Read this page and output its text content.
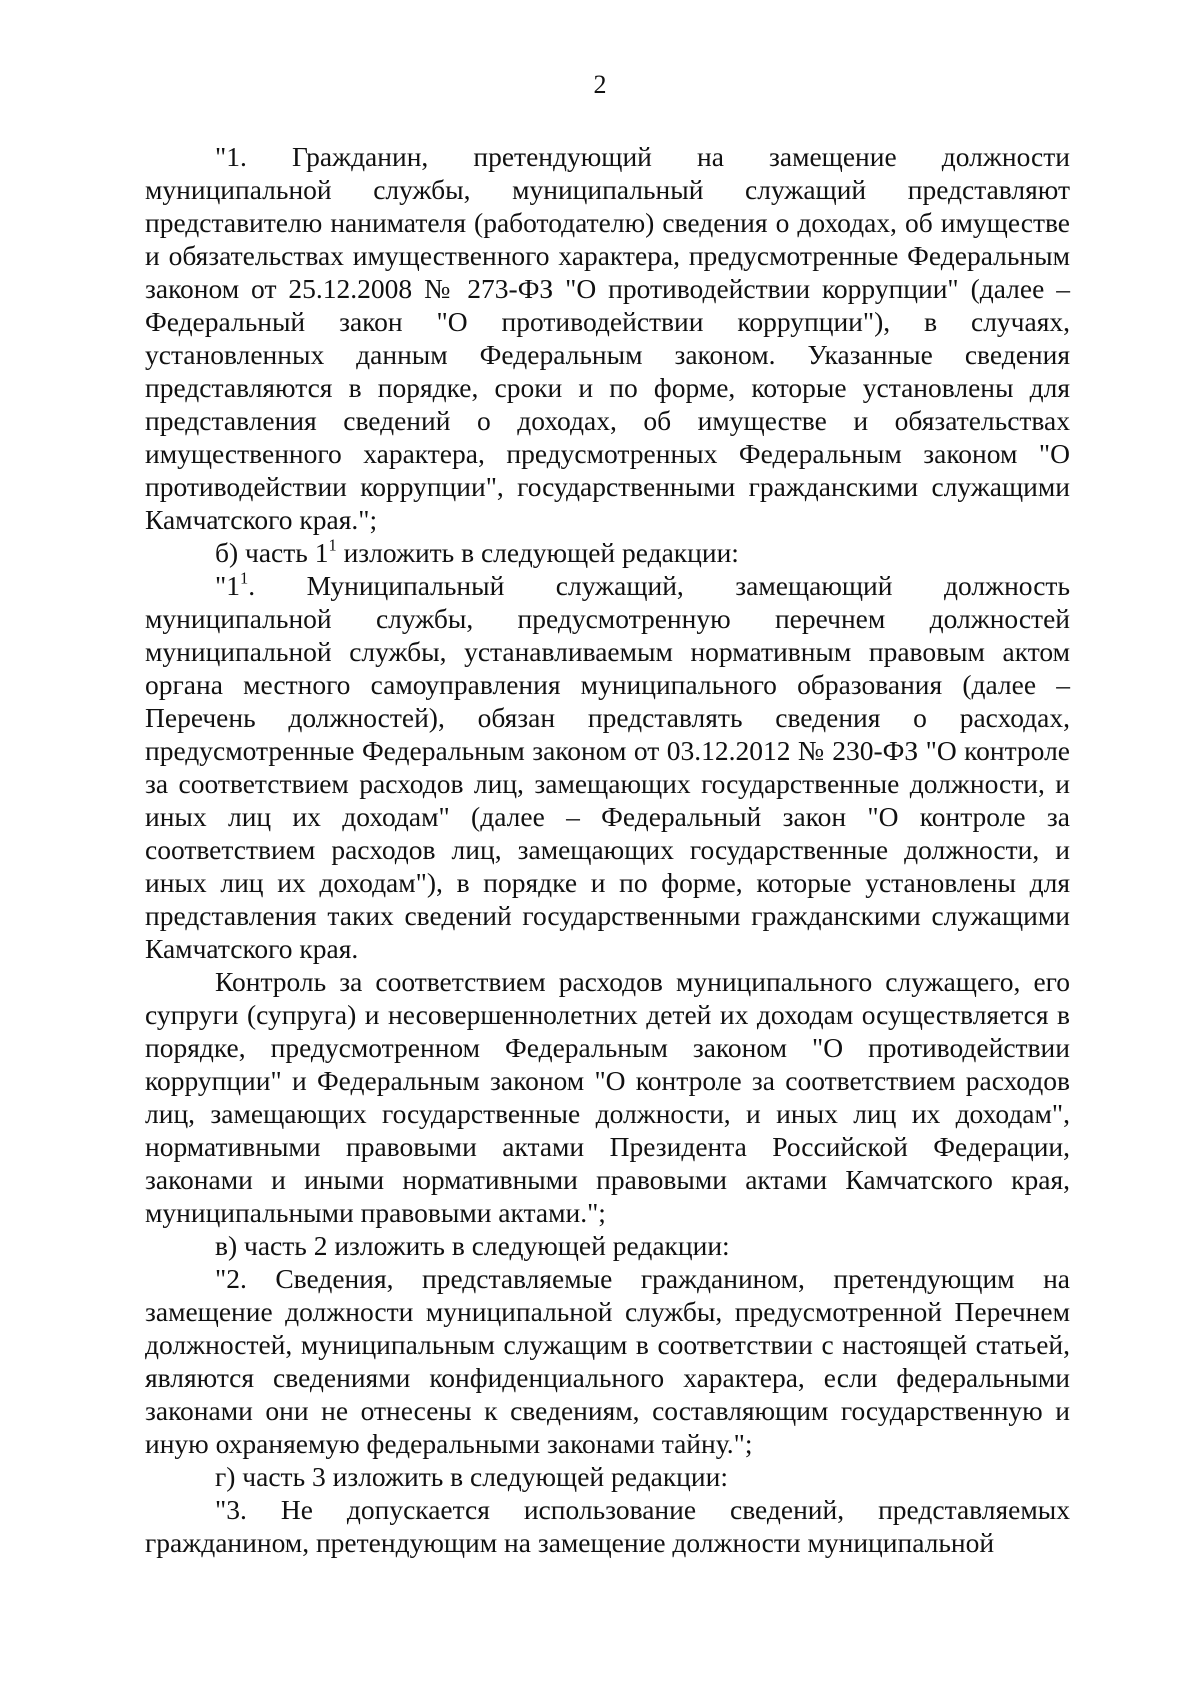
2

"1. Гражданин, претендующий на замещение должности муниципальной службы, муниципальный служащий представляют представителю нанимателя (работодателю) сведения о доходах, об имуществе и обязательствах имущественного характера, предусмотренные Федеральным законом от 25.12.2008 № 273-ФЗ "О противодействии коррупции" (далее – Федеральный закон "О противодействии коррупции"), в случаях, установленных данным Федеральным законом. Указанные сведения представляются в порядке, сроки и по форме, которые установлены для представления сведений о доходах, об имуществе и обязательствах имущественного характера, предусмотренных Федеральным законом "О противодействии коррупции", государственными гражданскими служащими Камчатского края.";

б) часть $1^1$ изложить в следующей редакции:

"$1^1$. Муниципальный служащий, замещающий должность муниципальной службы, предусмотренную перечнем должностей муниципальной службы, устанавливаемым нормативным правовым актом органа местного самоуправления муниципального образования (далее – Перечень должностей), обязан представлять сведения о расходах, предусмотренные Федеральным законом от 03.12.2012 № 230-ФЗ "О контроле за соответствием расходов лиц, замещающих государственные должности, и иных лиц их доходам" (далее – Федеральный закон "О контроле за соответствием расходов лиц, замещающих государственные должности, и иных лиц их доходам"), в порядке и по форме, которые установлены для представления таких сведений государственными гражданскими служащими Камчатского края.

Контроль за соответствием расходов муниципального служащего, его супруги (супруга) и несовершеннолетних детей их доходам осуществляется в порядке, предусмотренном Федеральным законом "О противодействии коррупции" и Федеральным законом "О контроле за соответствием расходов лиц, замещающих государственные должности, и иных лиц их доходам", нормативными правовыми актами Президента Российской Федерации, законами и иными нормативными правовыми актами Камчатского края, муниципальными правовыми актами.";

в) часть 2 изложить в следующей редакции:

"2. Сведения, представляемые гражданином, претендующим на замещение должности муниципальной службы, предусмотренной Перечнем должностей, муниципальным служащим в соответствии с настоящей статьей, являются сведениями конфиденциального характера, если федеральными законами они не отнесены к сведениям, составляющим государственную и иную охраняемую федеральными законами тайну.";

г) часть 3 изложить в следующей редакции:

"3. Не допускается использование сведений, представляемых гражданином, претендующим на замещение должности муниципальной
